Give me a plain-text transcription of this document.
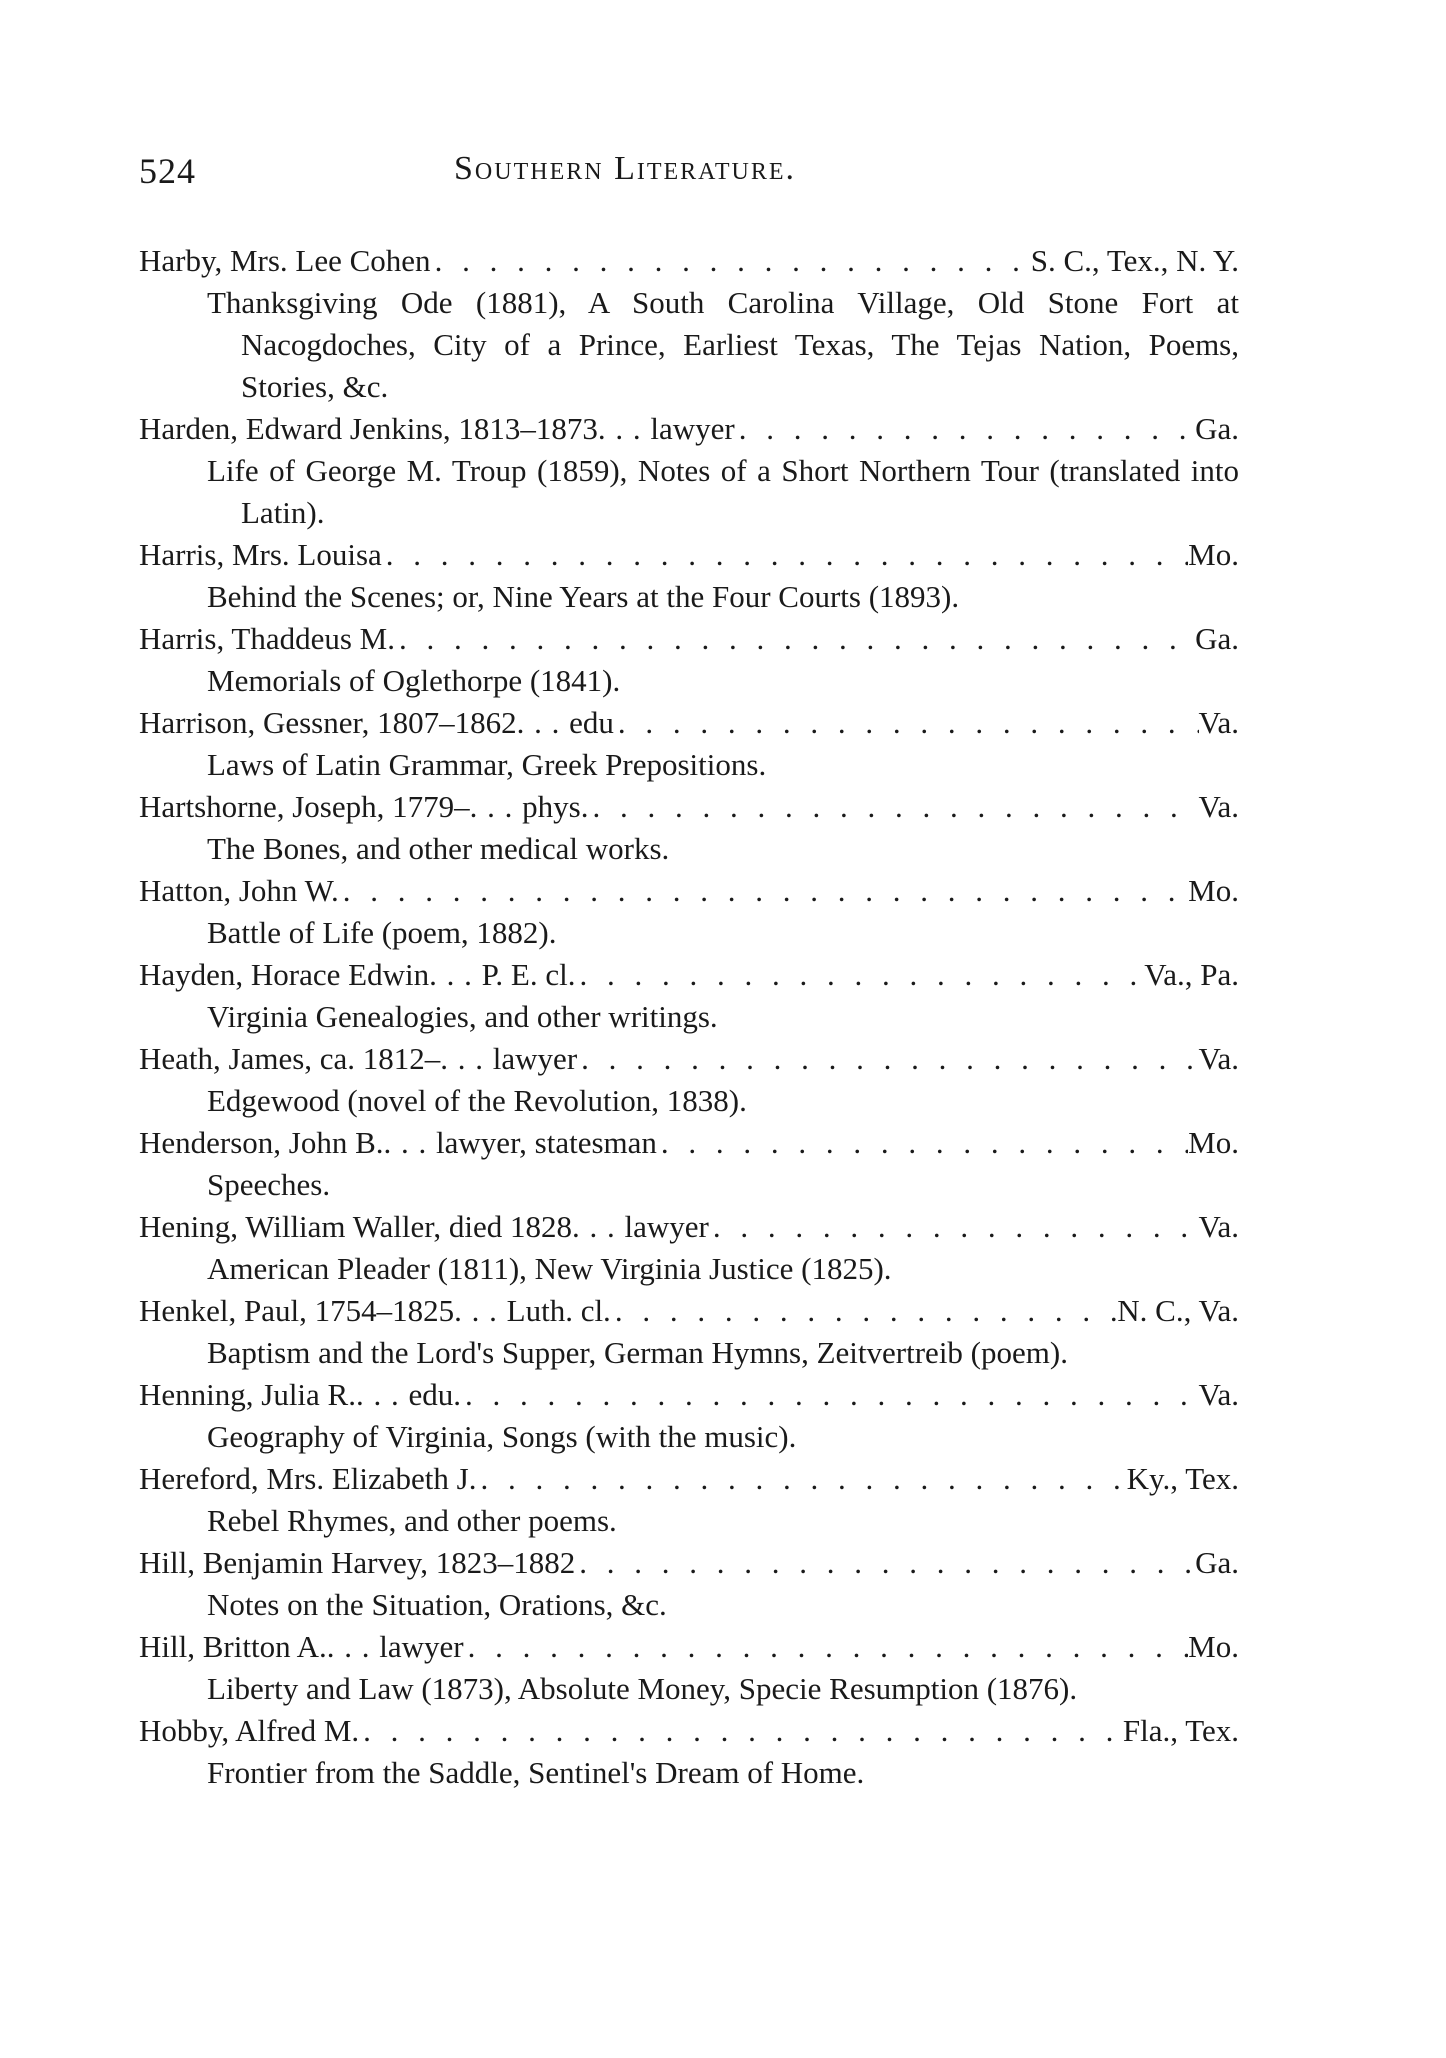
524	Southern Literature.
Harby, Mrs. Lee Cohen . . .	S. C., Tex., N. Y.
Thanksgiving Ode (1881), A South Carolina Village, Old Stone Fort at Nacogdoches, City of a Prince, Earliest Texas, The Tejas Nation, Poems, Stories, &c.
Harden, Edward Jenkins, 1813–1873	. . . lawyer . . .	Ga.
Life of George M. Troup (1859), Notes of a Short Northern Tour (translated into Latin).
Harris, Mrs. Louisa . . .	Mo.
Behind the Scenes; or, Nine Years at the Four Courts (1893).
Harris, Thaddeus M. . . .	Ga.
Memorials of Oglethorpe (1841).
Harrison, Gessner, 1807–1862	. . . edu . . .	Va.
Laws of Latin Grammar, Greek Prepositions.
Hartshorne, Joseph, 1779–	. . . phys. . . .	Va.
The Bones, and other medical works.
Hatton, John W. . . .	Mo.
Battle of Life (poem, 1882).
Hayden, Horace Edwin	. . . P. E. cl. . . .	Va., Pa.
Virginia Genealogies, and other writings.
Heath, James, ca. 1812–	. . . lawyer . . .	Va.
Edgewood (novel of the Revolution, 1838).
Henderson, John B.	. . . lawyer, statesman . . .	Mo.
Speeches.
Hening, William Waller, died 1828	. . . lawyer . . .	Va.
American Pleader (1811), New Virginia Justice (1825).
Henkel, Paul, 1754–1825	. . . Luth. cl. . . .	N. C., Va.
Baptism and the Lord's Supper, German Hymns, Zeitvertreib (poem).
Henning, Julia R.	. . . edu. . . .	Va.
Geography of Virginia, Songs (with the music).
Hereford, Mrs. Elizabeth J. . . .	Ky., Tex.
Rebel Rhymes, and other poems.
Hill, Benjamin Harvey, 1823–1882 . . .	Ga.
Notes on the Situation, Orations, &c.
Hill, Britton A.	. . . lawyer . . .	Mo.
Liberty and Law (1873), Absolute Money, Specie Resumption (1876).
Hobby, Alfred M. . . .	Fla., Tex.
Frontier from the Saddle, Sentinel's Dream of Home.
